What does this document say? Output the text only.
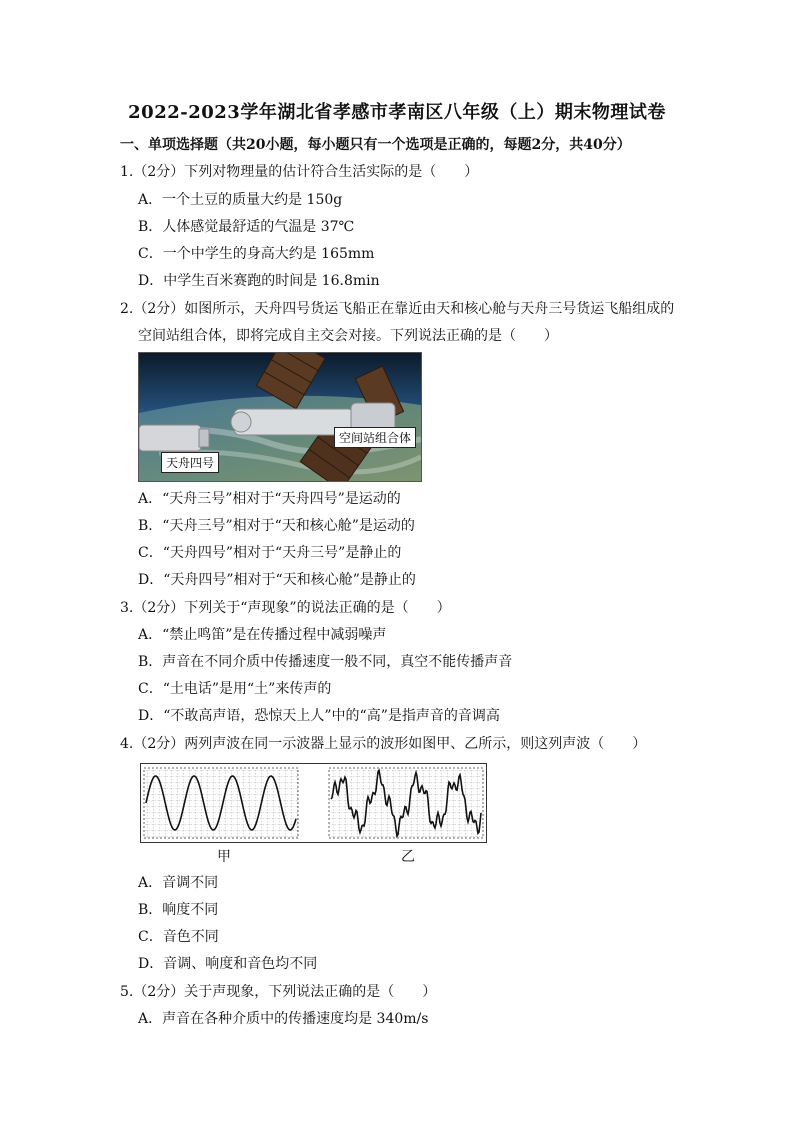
2022-2023学年湖北省孝感市孝南区八年级（上）期末物理试卷
一、单项选择题（共20小题，每小题只有一个选项是正确的，每题2分，共40分）
1.（2分）下列对物理量的估计符合生活实际的是（　　）
A．一个土豆的质量大约是 150g
B．人体感觉最舒适的气温是 37℃
C．一个中学生的身高大约是 165mm
D．中学生百米赛跑的时间是 16.8min
2.（2分）如图所示，天舟四号货运飞船正在靠近由天和核心舱与天舟三号货运飞船组成的
空间站组合体，即将完成自主交会对接。下列说法正确的是（　　）
空间站组合体
天舟四号
A．“天舟三号”相对于“天舟四号”是运动的
B．“天舟三号”相对于“天和核心舱”是运动的
C．“天舟四号”相对于“天舟三号”是静止的
D．“天舟四号”相对于“天和核心舱”是静止的
3.（2分）下列关于“声现象”的说法正确的是（　　）
A．“禁止鸣笛”是在传播过程中减弱噪声
B．声音在不同介质中传播速度一般不同，真空不能传播声音
C．“土电话”是用“土”来传声的
D．“不敢高声语，恐惊天上人”中的“高”是指声音的音调高
4.（2分）两列声波在同一示波器上显示的波形如图甲、乙所示，则这列声波（　　）
甲	乙
A．音调不同
B．响度不同
C．音色不同
D．音调、响度和音色均不同
5.（2分）关于声现象，下列说法正确的是（　　）
A．声音在各种介质中的传播速度均是 340m/s
